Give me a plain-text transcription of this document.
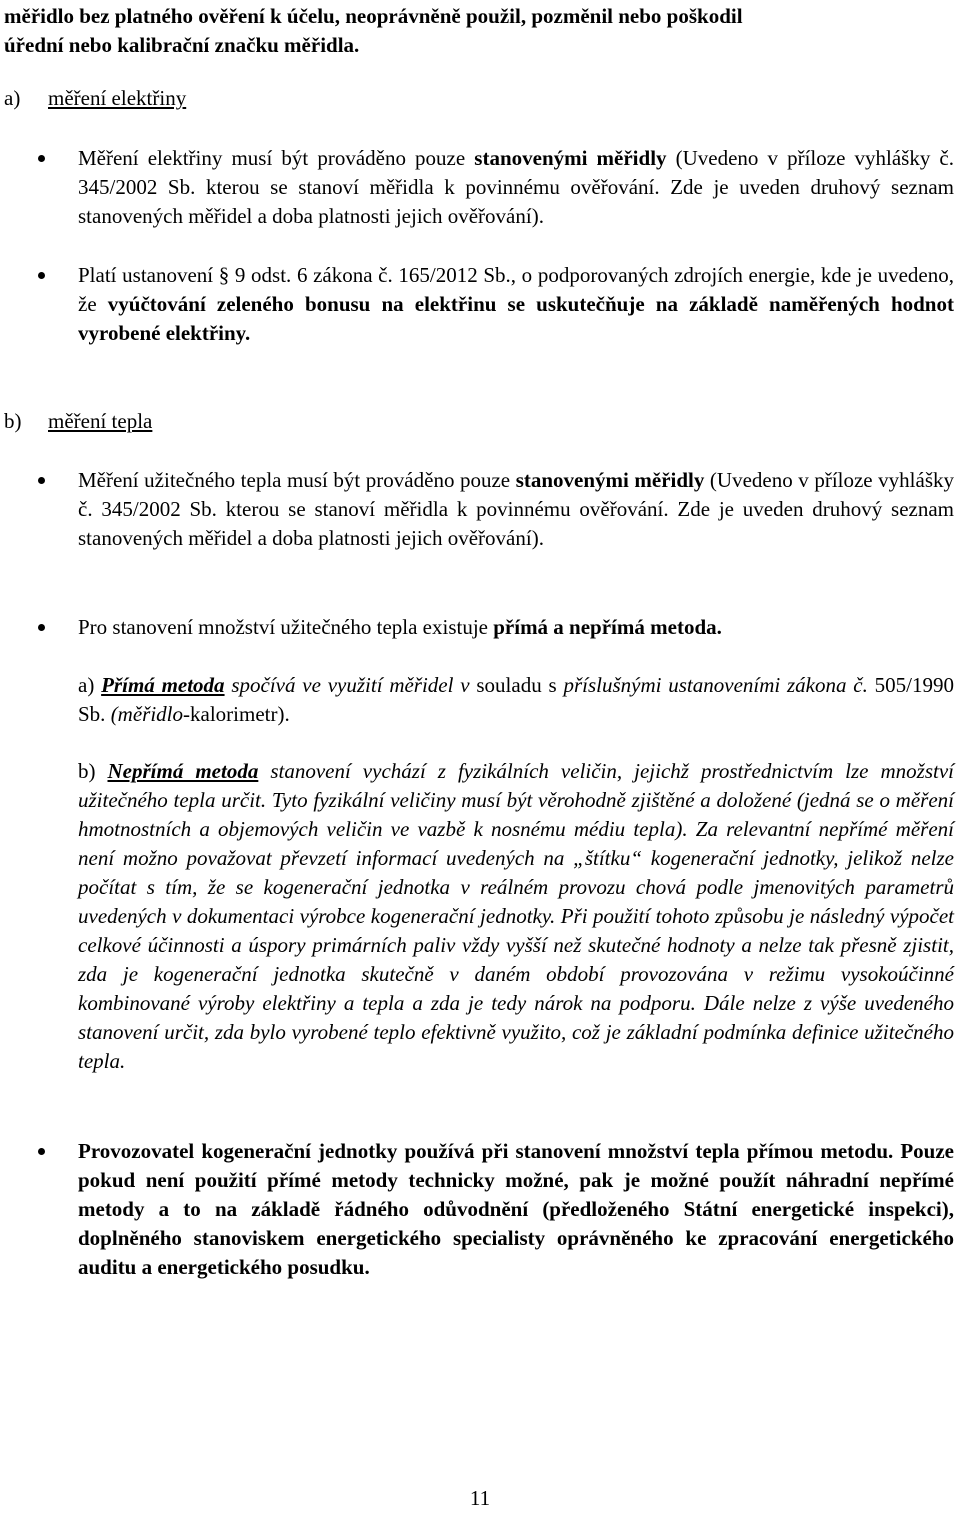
měřidlo bez platného ověření k účelu, neoprávněně použil, pozměnil nebo poškodil
úřední nebo kalibrační značku měřidla.
a) měření elektřiny
Měření elektřiny musí být prováděno pouze stanovenými měřidly (Uvedeno v příloze vyhlášky č. 345/2002 Sb. kterou se stanoví měřidla k povinnému ověřování. Zde je uveden druhový seznam stanovených měřidel a doba platnosti jejich ověřování).
Platí ustanovení § 9 odst. 6 zákona č. 165/2012 Sb., o podporovaných zdrojích energie, kde je uvedeno, že vyúčtování zeleného bonusu na elektřinu se uskutečňuje na základě naměřených hodnot vyrobené elektřiny.
b) měření tepla
Měření užitečného tepla musí být prováděno pouze stanovenými měřidly (Uvedeno v příloze vyhlášky č. 345/2002 Sb. kterou se stanoví měřidla k povinnému ověřování. Zde je uveden druhový seznam stanovených měřidel a doba platnosti jejich ověřování).
Pro stanovení množství užitečného tepla existuje přímá a nepřímá metoda.
a) Přímá metoda spočívá ve využití měřidel v souladu s příslušnými ustanoveními zákona č. 505/1990 Sb. (měřidlo-kalorimetr).
b) Nepřímá metoda stanovení vychází z fyzikálních veličin, jejichž prostřednictvím lze množství užitečného tepla určit. Tyto fyzikální veličiny musí být věrohodně zjištěné a doložené (jedná se o měření hmotnostních a objemových veličin ve vazbě k nosnému médiu tepla). Za relevantní nepřímé měření není možno považovat převzetí informací uvedených na „štítku“ kogenerační jednotky, jelikož nelze počítat s tím, že se kogenerační jednotka v reálném provozu chová podle jmenovitých parametrů uvedených v dokumentaci výrobce kogenerační jednotky. Při použití tohoto způsobu je následný výpočet celkové účinnosti a úspory primárních paliv vždy vyšší než skutečné hodnoty a nelze tak přesně zjistit, zda je kogenerační jednotka skutečně v daném období provozována v režimu vysokoúčinné kombinované výroby elektřiny a tepla a zda je tedy nárok na podporu. Dále nelze z výše uvedeného stanovení určit, zda bylo vyrobené teplo efektivně využito, což je základní podmínka definice užitečného tepla.
Provozovatel kogenerační jednotky používá při stanovení množství tepla přímou metodu. Pouze pokud není použití přímé metody technicky možné, pak je možné použít náhradní nepřímé metody a to na základě řádného odůvodnění (předloženého Státní energetické inspekci), doplněného stanoviskem energetického specialisty oprávněného ke zpracování energetického auditu a energetického posudku.
11
